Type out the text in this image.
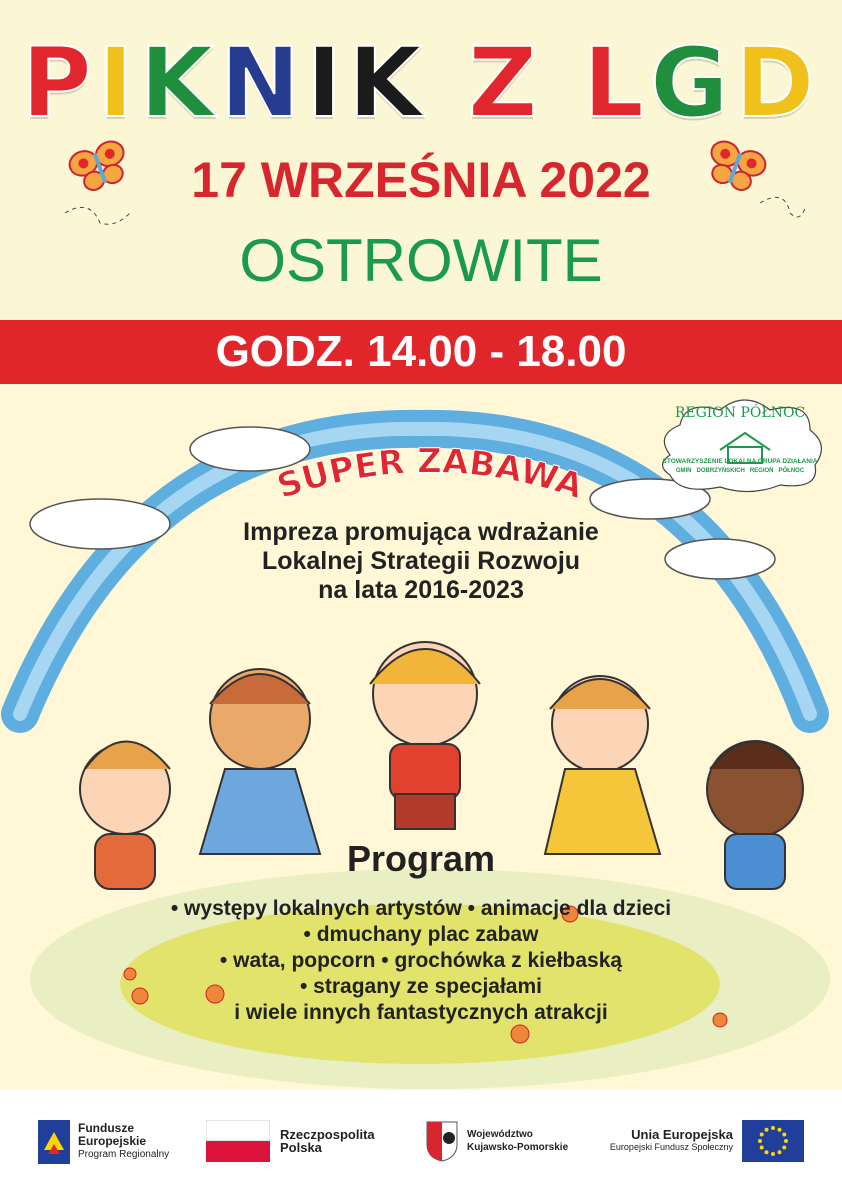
PIKNIK Z LGD
17 WRZEŚNIA 2022
OSTROWITE
GODZ. 14.00 - 18.00
SUPER ZABAWA
Impreza promująca wdrażanie
Lokalnej Strategii Rozwoju
na lata 2016-2023
REGION PÓŁNOC
STOWARZYSZENIE LOKALNA GRUPA DZIAŁANIA
GMIN   DOBRZYŃSKICH   REGION   PÓŁNOC
Program
• występy lokalnych artystów • animacje dla dzieci
• dmuchany plac zabaw
• wata, popcorn • grochówka z kiełbaską
• stragany ze specjałami
i wiele innych fantastycznych atrakcji
Fundusze
Europejskie
Program Regionalny
Rzeczpospolita
Polska
Województwo
Kujawsko-Pomorskie
Unia Europejska
Europejski Fundusz Społeczny
